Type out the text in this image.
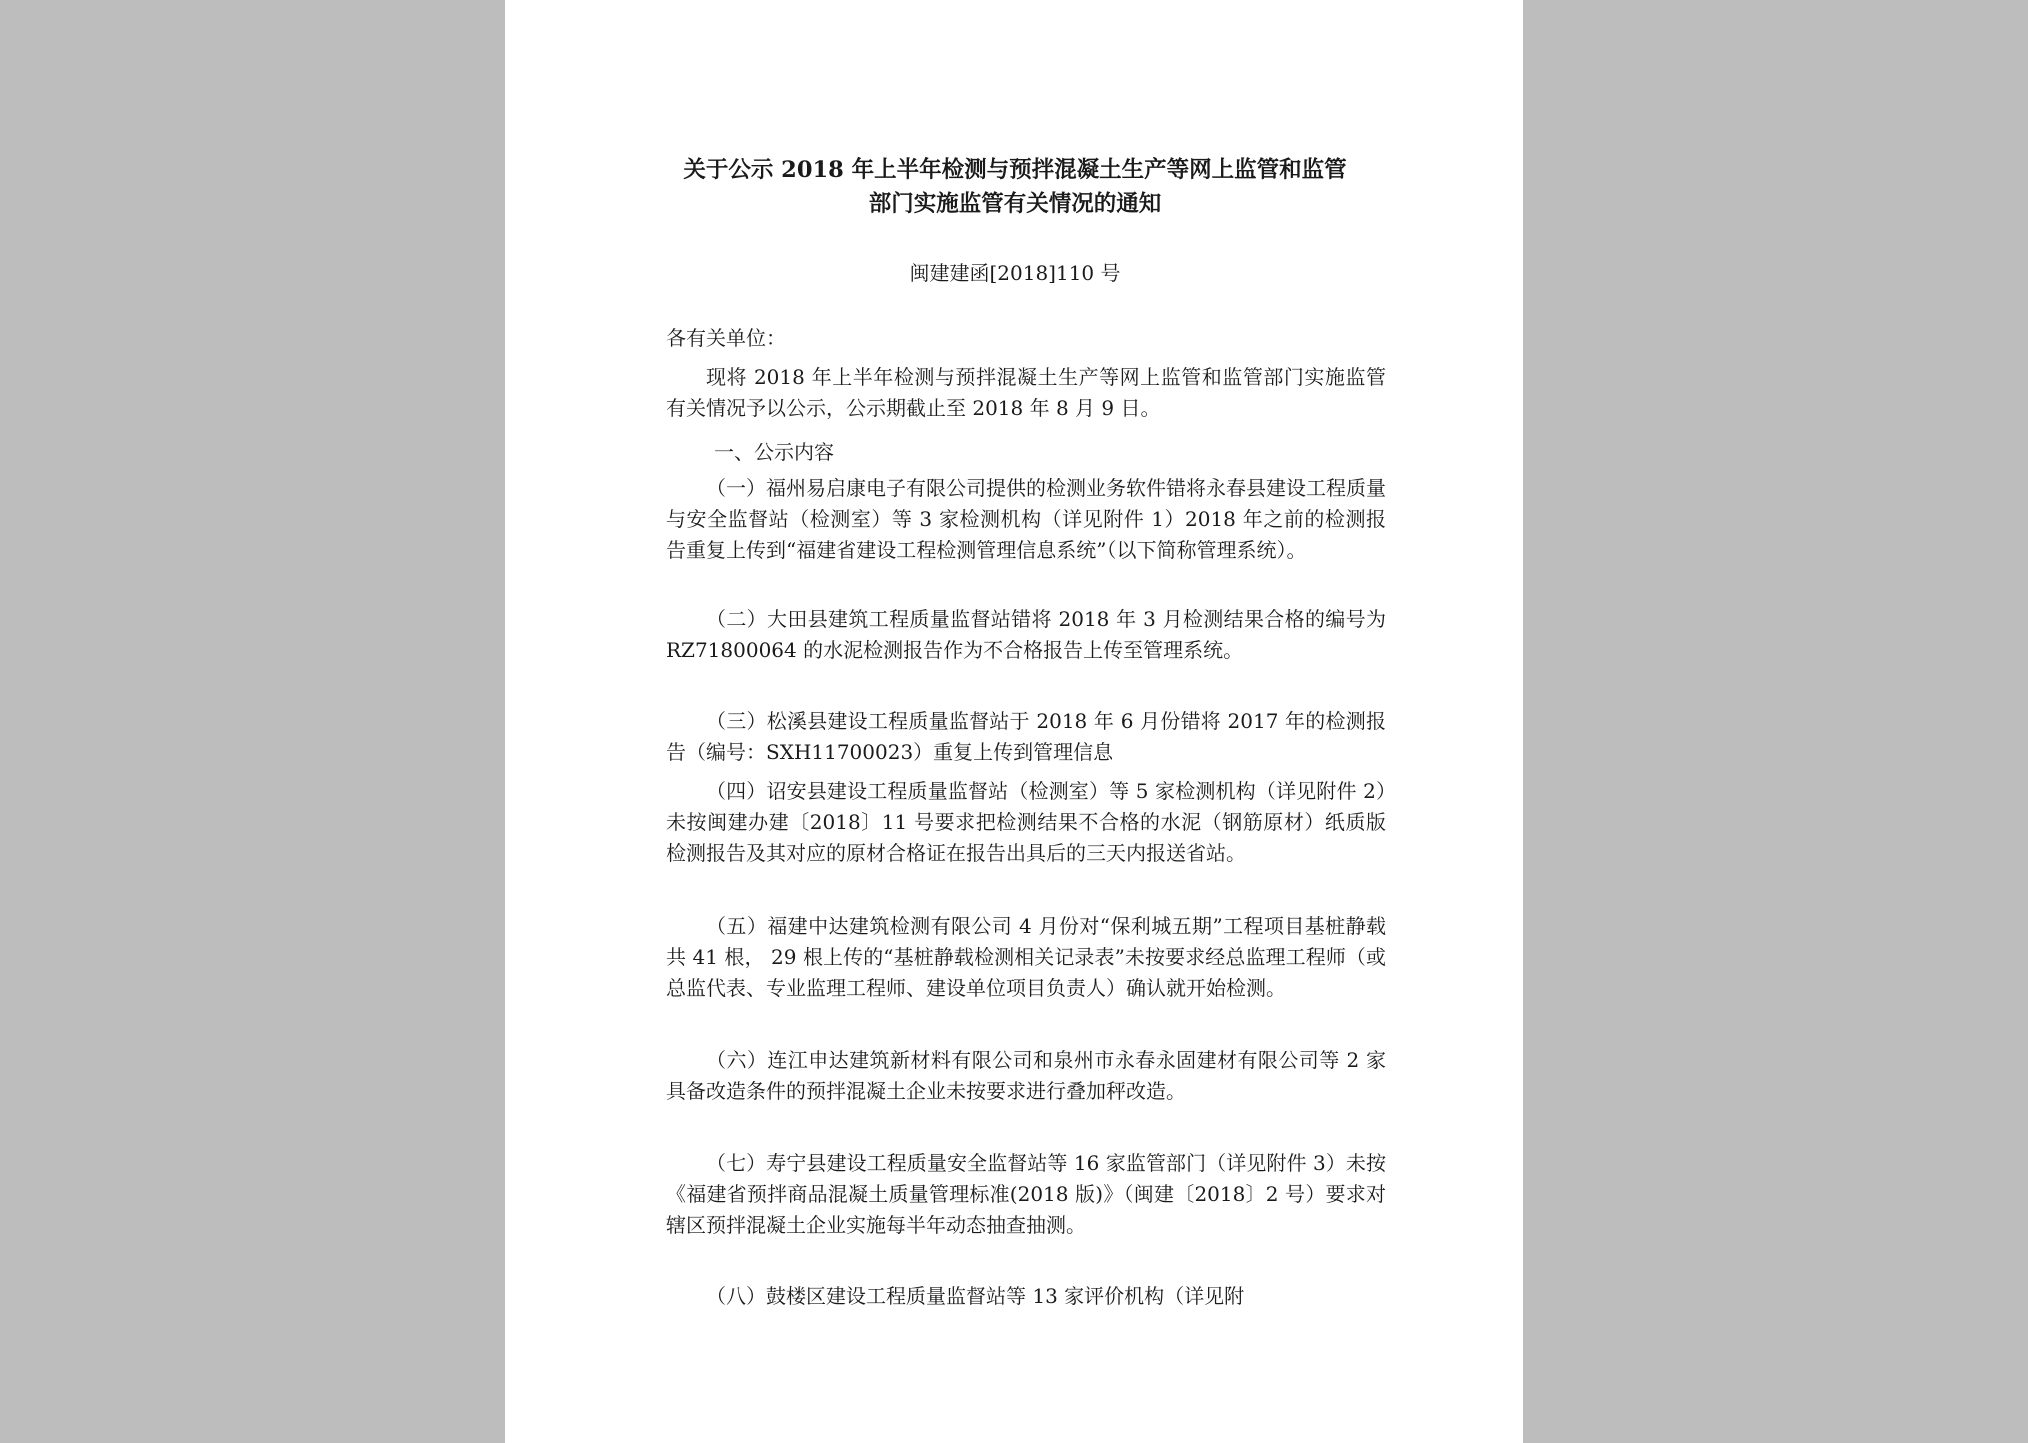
关于公示 2018 年上半年检测与预拌混凝土生产等网上监管和监管
部门实施监管有关情况的通知
闽建建函[2018]110 号
各有关单位：

现将 2018 年上半年检测与预拌混凝土生产等网上监管和监管部门实施监管有关情况予以公示，公示期截止至 2018 年 8 月 9 日。

一、公示内容

（一）福州易启康电子有限公司提供的检测业务软件错将永春县建设工程质量与安全监督站（检测室）等 3 家检测机构（详见附件 1）2018 年之前的检测报告重复上传到“福建省建设工程检测管理信息系统”（以下简称管理系统）。

（二）大田县建筑工程质量监督站错将 2018 年 3 月检测结果合格的编号为 RZ71800064 的水泥检测报告作为不合格报告上传至管理系统。

（三）松溪县建设工程质量监督站于 2018 年 6 月份错将 2017 年的检测报告（编号：SXH11700023）重复上传到管理信息

（四）诏安县建设工程质量监督站（检测室）等 5 家检测机构（详见附件 2）未按闽建办建〔2018〕11 号要求把检测结果不合格的水泥（钢筋原材）纸质版检测报告及其对应的原材合格证在报告出具后的三天内报送省站。

（五）福建中达建筑检测有限公司 4 月份对“保利城五期”工程项目基桩静载共 41 根， 29 根上传的“基桩静载检测相关记录表”未按要求经总监理工程师（或总监代表、专业监理工程师、建设单位项目负责人）确认就开始检测。

（六）连江申达建筑新材料有限公司和泉州市永春永固建材有限公司等 2 家具备改造条件的预拌混凝土企业未按要求进行叠加秤改造。

（七）寿宁县建设工程质量安全监督站等 16 家监管部门（详见附件 3）未按《福建省预拌商品混凝土质量管理标准(2018 版)》（闽建〔2018〕2 号）要求对辖区预拌混凝土企业实施每半年动态抽查抽测。

（八）鼓楼区建设工程质量监督站等 13 家评价机构（详见附
